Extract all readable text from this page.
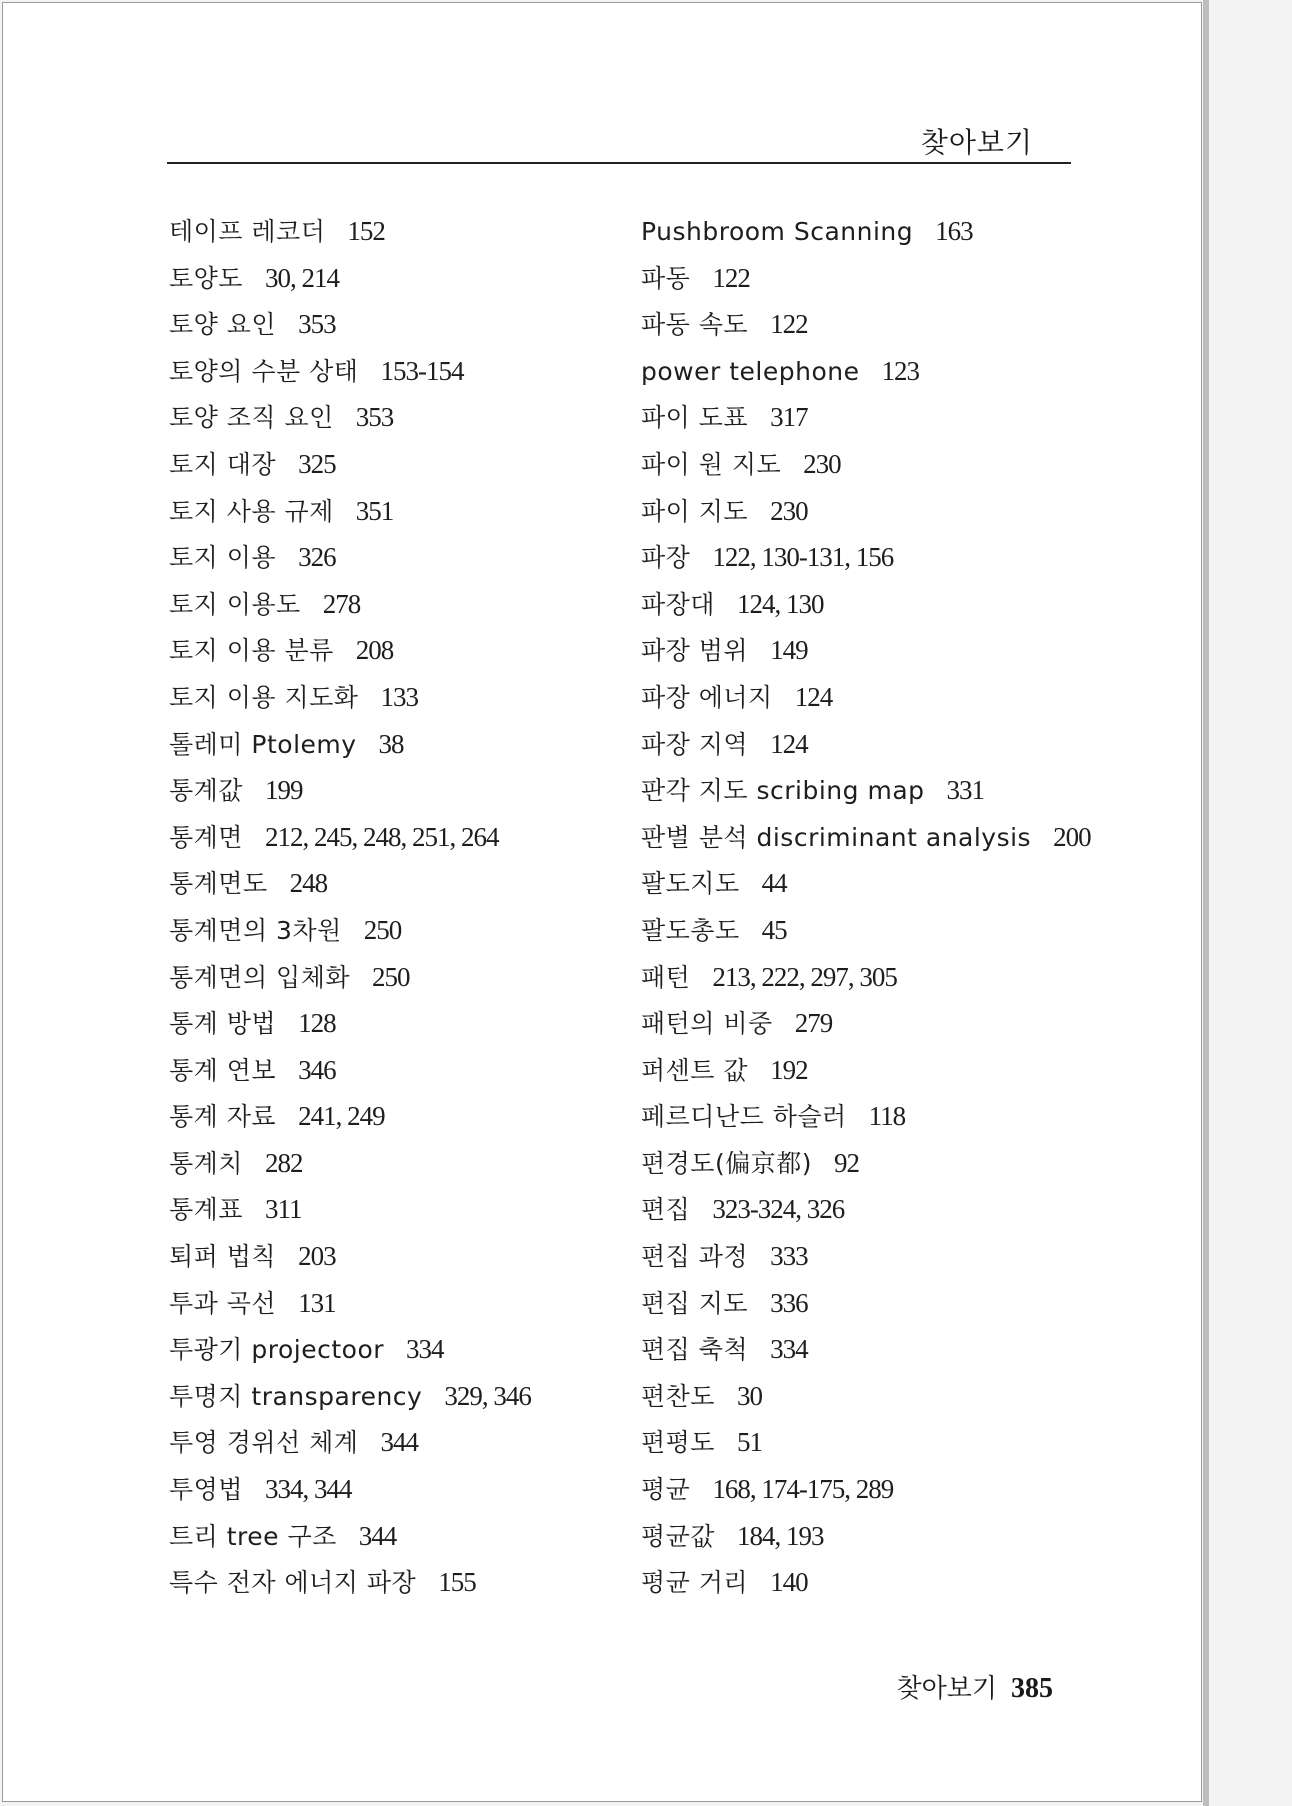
찾아보기
테이프 레코더 152
토양도 30, 214
토양 요인 353
토양의 수분 상태 153-154
토양 조직 요인 353
토지 대장 325
토지 사용 규제 351
토지 이용 326
토지 이용도 278
토지 이용 분류 208
토지 이용 지도화 133
톨레미 Ptolemy 38
통계값 199
통계면 212, 245, 248, 251, 264
통계면도 248
통계면의 3차원 250
통계면의 입체화 250
통계 방법 128
통계 연보 346
통계 자료 241, 249
통계치 282
통계표 311
퇴퍼 법칙 203
투과 곡선 131
투광기 projectoor 334
투명지 transparency 329, 346
투영 경위선 체계 344
투영법 334, 344
트리 tree 구조 344
특수 전자 에너지 파장 155
Pushbroom Scanning 163
파동 122
파동 속도 122
power telephone 123
파이 도표 317
파이 원 지도 230
파이 지도 230
파장 122, 130-131, 156
파장대 124, 130
파장 범위 149
파장 에너지 124
파장 지역 124
판각 지도 scribing map 331
판별 분석 discriminant analysis 200
팔도지도 44
팔도총도 45
패턴 213, 222, 297, 305
패턴의 비중 279
퍼센트 값 192
페르디난드 하슬러 118
편경도(偏京都) 92
편집 323-324, 326
편집 과정 333
편집 지도 336
편집 축척 334
편찬도 30
편평도 51
평균 168, 174-175, 289
평균값 184, 193
평균 거리 140
찾아보기 385
